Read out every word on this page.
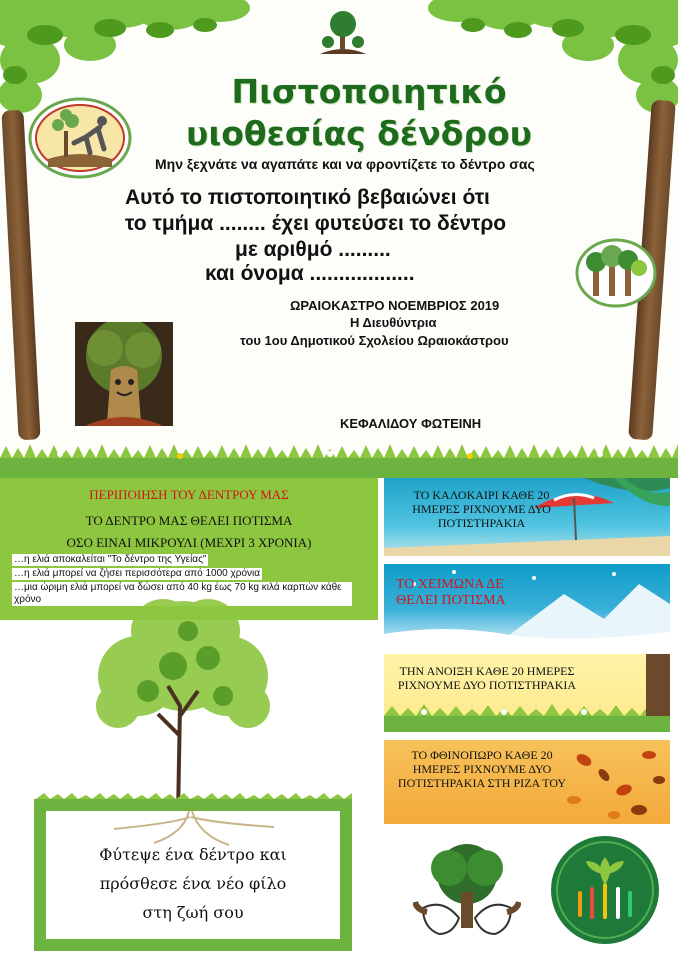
Πιστοποιητικό
υιοθεσίας δένδρου
Μην ξεχνάτε να αγαπάτε και να φροντίζετε το δέντρο σας
Αυτό το πιστοποιητικό βεβαιώνει ότι
το τμήμα ........ έχει φυτεύσει το δέντρο
με αριθμό .........
και όνομα ..................
ΩΡΑΙΟΚΑΣΤΡΟ ΝΟΕΜΒΡΙΟΣ 2019
Η Διευθύντρια
του 1ου Δημοτικού Σχολείου Ωραιοκάστρου
ΚΕΦΑΛΙΔΟΥ ΦΩΤΕΙΝΗ
ΠΕΡΙΠΟΙΗΣΗ ΤΟΥ ΔΕΝΤΡΟΥ ΜΑΣ
ΤΟ ΔΕΝΤΡΟ ΜΑΣ ΘΕΛΕΙ ΠΟΤΙΣΜΑ
ΟΣΟ ΕΙΝΑΙ ΜΙΚΡΟΥΛΙ (ΜΕΧΡΙ 3 ΧΡΟΝΙΑ)
…η ελιά αποκαλείται "Το δέντρο της Υγείας"
…η ελιά μπορεί να ζήσει περισσότερα από 1000 χρόνια
…μια ώριμη ελιά μπορεί να δώσει από 40 kg έως 70 kg κιλά καρπών κάθε χρόνο
Φύτεψε ένα δέντρο και
πρόσθεσε ένα νέο φίλο
στη ζωή σου
ΤΟ ΚΑΛΟΚΑΙΡΙ ΚΑΘΕ 20 ΗΜΕΡΕΣ ΡΙΧΝΟΥΜΕ ΔΥΟ ΠΟΤΙΣΤΗΡΑΚΙΑ
ΤΟ ΧΕΙΜΩΝΑ ΔΕ ΘΕΛΕΙ ΠΟΤΙΣΜΑ
ΤΗΝ ΑΝΟΙΞΗ ΚΑΘΕ 20 ΗΜΕΡΕΣ ΡΙΧΝΟΥΜΕ ΔΥΟ ΠΟΤΙΣΤΗΡΑΚΙΑ
ΤΟ ΦΘΙΝΟΠΩΡΟ ΚΑΘΕ 20 ΗΜΕΡΕΣ ΡΙΧΝΟΥΜΕ ΔΥΟ ΠΟΤΙΣΤΗΡΑΚΙΑ ΣΤΗ ΡΙΖΑ ΤΟΥ
